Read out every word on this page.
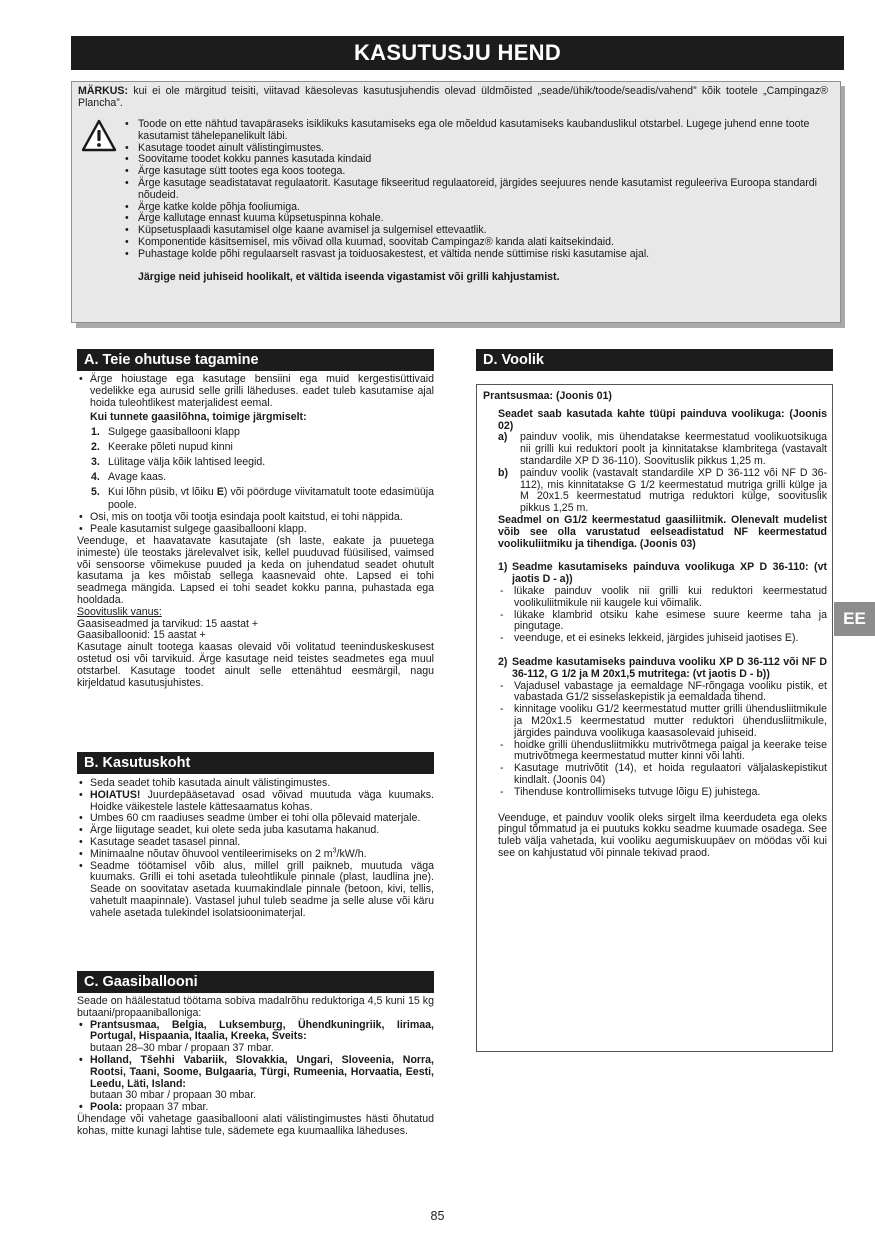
KASUTUSJU HEND
MÄRKUS: kui ei ole märgitud teisiti, viitavad käesolevas kasutusjuhendis olevad üldmõisted „seade/ühik/toode/seadis/vahend” kõik tootele „Campingaz® Plancha”.
• Toode on ette nähtud tavapäraseks isiklikuks kasutamiseks ega ole mõeldud kasutamiseks kaubanduslikul otstarbel. Lugege juhend enne toote kasutamist tähelepanelikult läbi.
• Kasutage toodet ainult välistingimustes.
• Soovitame toodet kokku pannes kasutada kindaid
• Ärge kasutage sütt tootes ega koos tootega.
• Ärge kasutage seadistatavat regulaatorit. Kasutage fikseeritud regulaatoreid, järgides seejuures nende kasutamist reguleeriva Euroopa standardi nõudeid.
• Ärge katke kolde põhja fooliumiga.
• Ärge kallutage ennast kuuma küpsetuspinna kohale.
• Küpsetusplaadi kasutamisel olge kaane avamisel ja sulgemisel ettevaatlik.
• Komponentide käsitsemisel, mis võivad olla kuumad, soovitab Campingaz® kanda alati kaitsekindaid.
• Puhastage kolde põhi regulaarselt rasvast ja toiduosakestest, et vältida nende süttimise riski kasutamise ajal.
Järgige neid juhiseid hoolikalt, et vältida iseenda vigastamist või grilli kahjustamist.
A. Teie ohutuse tagamine
• Ärge hoiustage ega kasutage bensiini ega muid kergestisüttivaid vedelikke ega aurusid selle grilli läheduses. eadet tuleb kasutamise ajal hoida tuleohtlikest materjalidest eemal.
Kui tunnete gaasilõhna, toimige järgmiselt:
1. Sulgege gaasiballooni klapp
2. Keerake põleti nupud kinni
3. Lülitage välja kõik lahtised leegid.
4. Avage kaas.
5. Kui lõhn püsib, vt lõiku E) või pöörduge viivitamatult toote edasimüüja poole.
• Osi, mis on tootja või tootja esindaja poolt kaitstud, ei tohi näppida.
• Peale kasutamist sulgege gaasiballooni klapp.
Veenduge, et haavatavate kasutajate (sh laste, eakate ja puuetega inimeste) üle teostaks järelevalvet isik, kellel puuduvad füüsilised, vaimsed või sensoorse võimekuse puuded ja keda on juhendatud seadet ohutult kasutama ja kes mõistab sellega kaasnevaid ohte. Lapsed ei tohi seadmega mängida. Lapsed ei tohi seadet kokku panna, puhastada ega hooldada.
Soovituslik vanus:
Gaasiseadmed ja tarvikud: 15 aastat +
Gaasiballoonid: 15 aastat +
Kasutage ainult tootega kaasas olevaid või volitatud teeninduskeskusest ostetud osi või tarvikuid. Ärge kasutage neid teistes seadmetes ega muul otstarbel. Kasutage toodet ainult selle ettenähtud eesmärgil, nagu kirjeldatud kasutusjuhistes.
B. Kasutuskoht
• Seda seadet tohib kasutada ainult välistingimustes.
• HOIATUS! Juurdepääsetavad osad võivad muutuda väga kuumaks. Hoidke väikestele lastele kättesaamatus kohas.
• Umbes 60 cm raadiuses seadme ümber ei tohi olla põlevaid materjale.
• Ärge liigutage seadet, kui olete seda juba kasutama hakanud.
• Kasutage seadet tasasel pinnal.
• Minimaalne nõutav õhuvool ventileerimiseks on 2 $m^3/kW/h$.
• Seadme töötamisel võib alus, millel grill paikneb, muutuda väga kuumaks. Grilli ei tohi asetada tuleohtlikule pinnale (plast, laudlina jne). Seade on soovitatav asetada kuumakindlale pinnale (betoon, kivi, tellis, vahetult maapinnale). Vastasel juhul tuleb seadme ja selle aluse või käru vahele asetada tulekindel isolatsioonimaterjal.
C. Gaasiballooni
Seade on häälestatud töötama sobiva madalrõhu reduktoriga 4,5 kuni 15 kg butaani/propaaniballoniga:
• Prantsusmaa, Belgia, Luksemburg, Ühendkuningriik, Iirimaa, Portugal, Hispaania, Itaalia, Kreeka, Šveits:
butaan 28–30 mbar / propaan 37 mbar.
• Holland, Tšehhi Vabariik, Slovakkia, Ungari, Sloveenia, Norra, Rootsi, Taani, Soome, Bulgaaria, Türgi, Rumeenia, Horvaatia, Eesti, Leedu, Läti, Island:
butaan 30 mbar / propaan 30 mbar.
• Poola: propaan 37 mbar.
Ühendage või vahetage gaasiballooni alati välistingimustes hästi õhutatud kohas, mitte kunagi lahtise tule, sädemete ega kuumaallika läheduses.
D. Voolik
Prantsusmaa: (Joonis 01)
Seadet saab kasutada kahte tüüpi painduva voolikuga: (Joonis 02)
a) painduv voolik, mis ühendatakse keermestatud voolikuotsikuga nii grilli kui reduktori poolt ja kinnitatakse klambritega (vastavalt standardile XP D 36-110). Soovituslik pikkus 1,25 m.
b) painduv voolik (vastavalt standardile XP D 36-112 või NF D 36-112), mis kinnitatakse G 1/2 keermestatud mutriga grilli külge ja M 20x1.5 keermestatud mutriga reduktori külge, soovituslik pikkus 1,25 m.
Seadmel on G1/2 keermestatud gaasiliitmik. Olenevalt mudelist võib see olla varustatud eelseadistatud NF keermestatud voolikuliitmiku ja tihendiga. (Joonis 03)
1) Seadme kasutamiseks painduva voolikuga XP D 36-110: (vt jaotis D - a))
- lükake painduv voolik nii grilli kui reduktori keermestatud voolikuliitmikule nii kaugele kui võimalik.
- lükake klambrid otsiku kahe esimese suure keerme taha ja pingutage.
- veenduge, et ei esineks lekkeid, järgides juhiseid jaotises E).
2) Seadme kasutamiseks painduva vooliku XP D 36-112 või NF D 36-112, G 1/2 ja M 20x1,5 mutritega: (vt jaotis D - b))
- Vajadusel vabastage ja eemaldage NF-rõngaga vooliku pistik, et vabastada G1/2 sisselaskepistik ja eemaldada tihend.
- kinnitage vooliku G1/2 keermestatud mutter grilli ühendusliitmikule ja M20x1.5 keermestatud mutter reduktori ühendusliitmikule, järgides painduva voolikuga kaasasolevaid juhiseid.
- hoidke grilli ühendusliitmikku mutrivõtmega paigal ja keerake teise mutrivõtmega keermestatud mutter kinni või lahti.
- Kasutage mutrivõtit (14), et hoida regulaatori väljalaskepistikut kindlalt. (Joonis 04)
- Tihenduse kontrollimiseks tutvuge lõigu E) juhistega.
Veenduge, et painduv voolik oleks sirgelt ilma keerdudeta ega oleks pingul tõmmatud ja ei puutuks kokku seadme kuumade osadega. See tuleb välja vahetada, kui vooliku aegumiskuupäev on möödas või kui see on kahjustatud või pinnale tekivad praod.
EE
85
